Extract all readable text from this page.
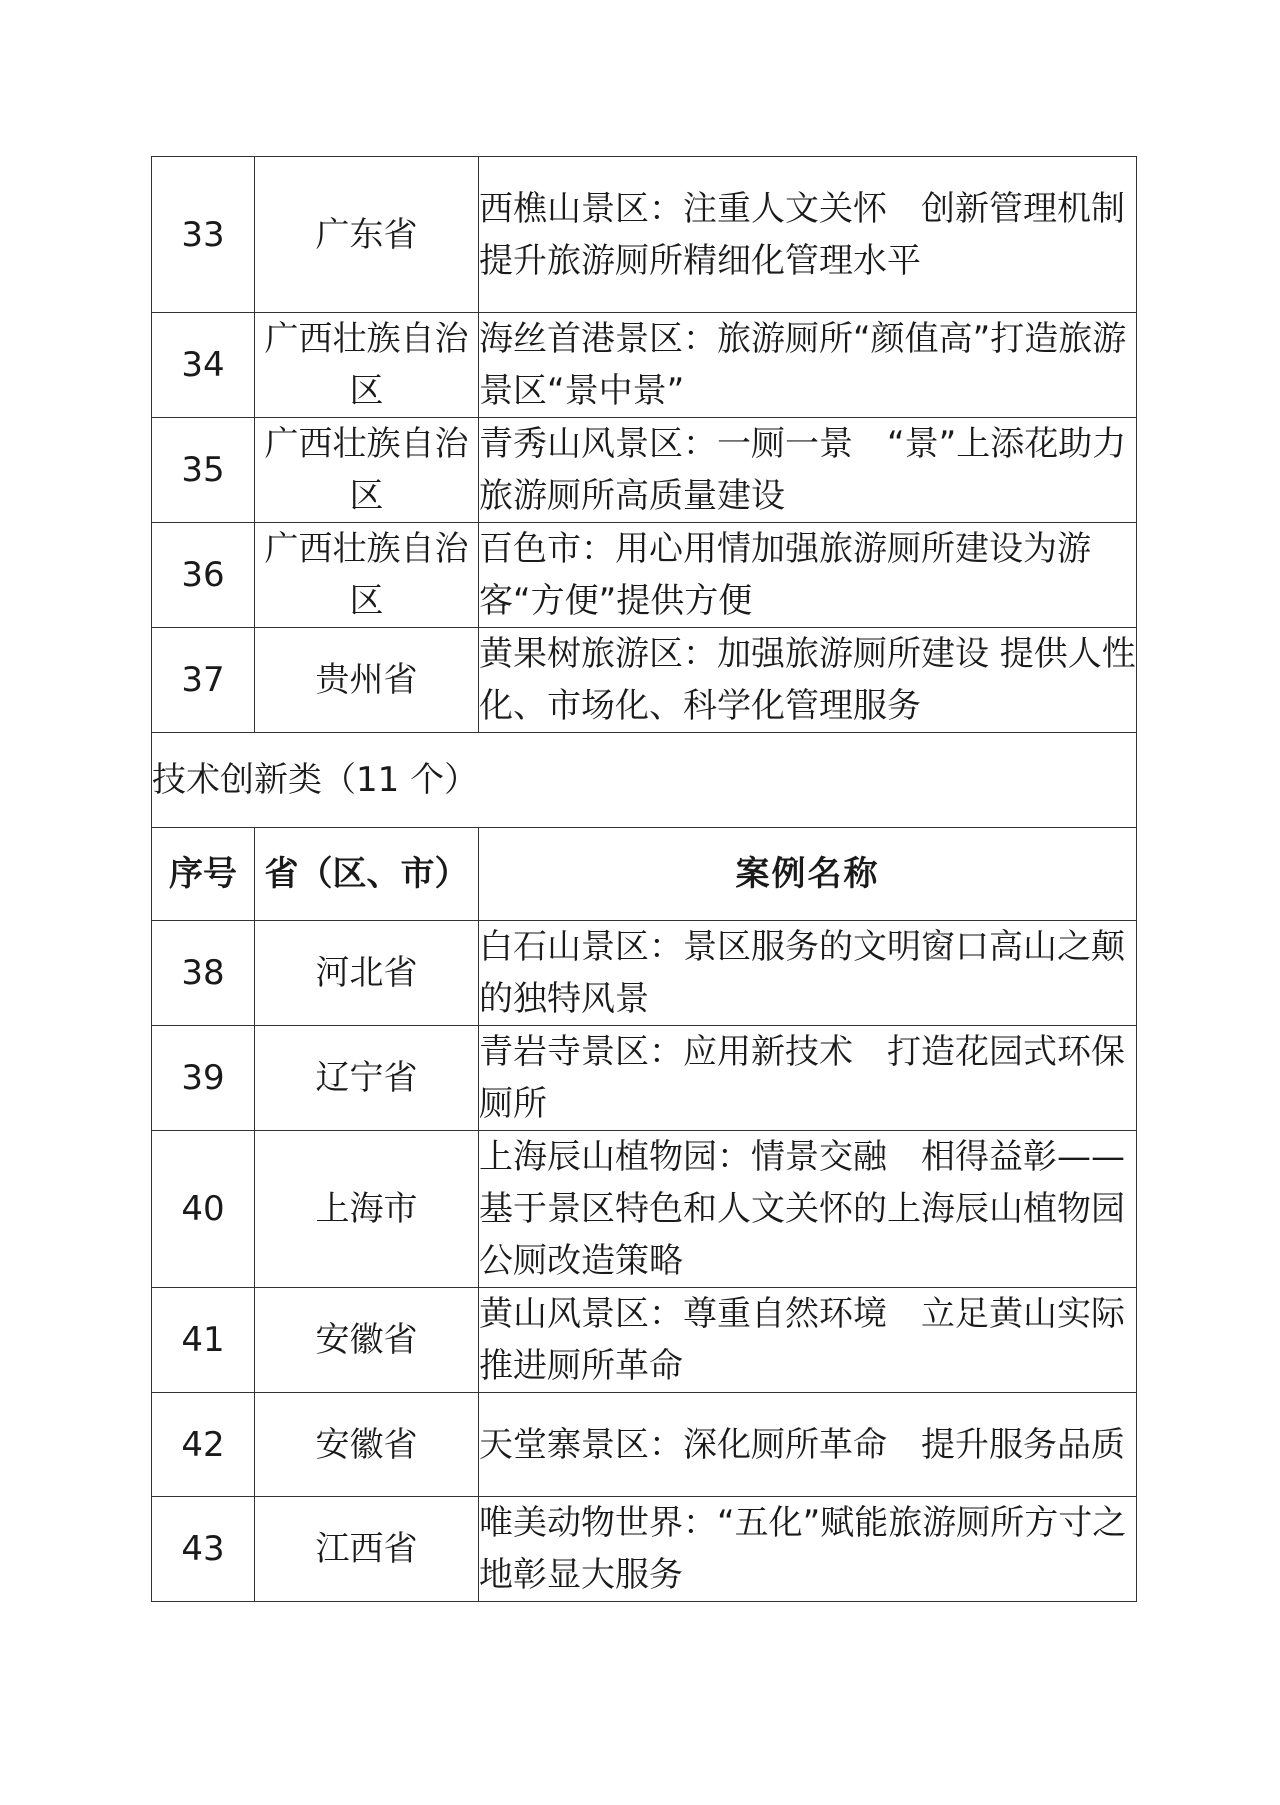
33	广东省	西樵山景区：注重人文关怀　创新管理机制　提升旅游厕所精细化管理水平
34	广西壮族自治区	海丝首港景区：旅游厕所“颜值高”打造旅游景区“景中景”
35	广西壮族自治区	青秀山风景区：一厕一景　“景”上添花助力旅游厕所高质量建设
36	广西壮族自治区	百色市：用心用情加强旅游厕所建设为游客“方便”提供方便
37	贵州省	黄果树旅游区：加强旅游厕所建设 提供人性化、市场化、科学化管理服务
技术创新类（11 个）		
序号	省（区、市）	案例名称
38	河北省	白石山景区：景区服务的文明窗口高山之颠的独特风景
39	辽宁省	青岩寺景区：应用新技术　打造花园式环保厕所
40	上海市	上海辰山植物园：情景交融　相得益彰——基于景区特色和人文关怀的上海辰山植物园公厕改造策略
41	安徽省	黄山风景区：尊重自然环境　立足黄山实际　推进厕所革命
42	安徽省	天堂寨景区：深化厕所革命　提升服务品质
43	江西省	唯美动物世界：“五化”赋能旅游厕所方寸之地彰显大服务
